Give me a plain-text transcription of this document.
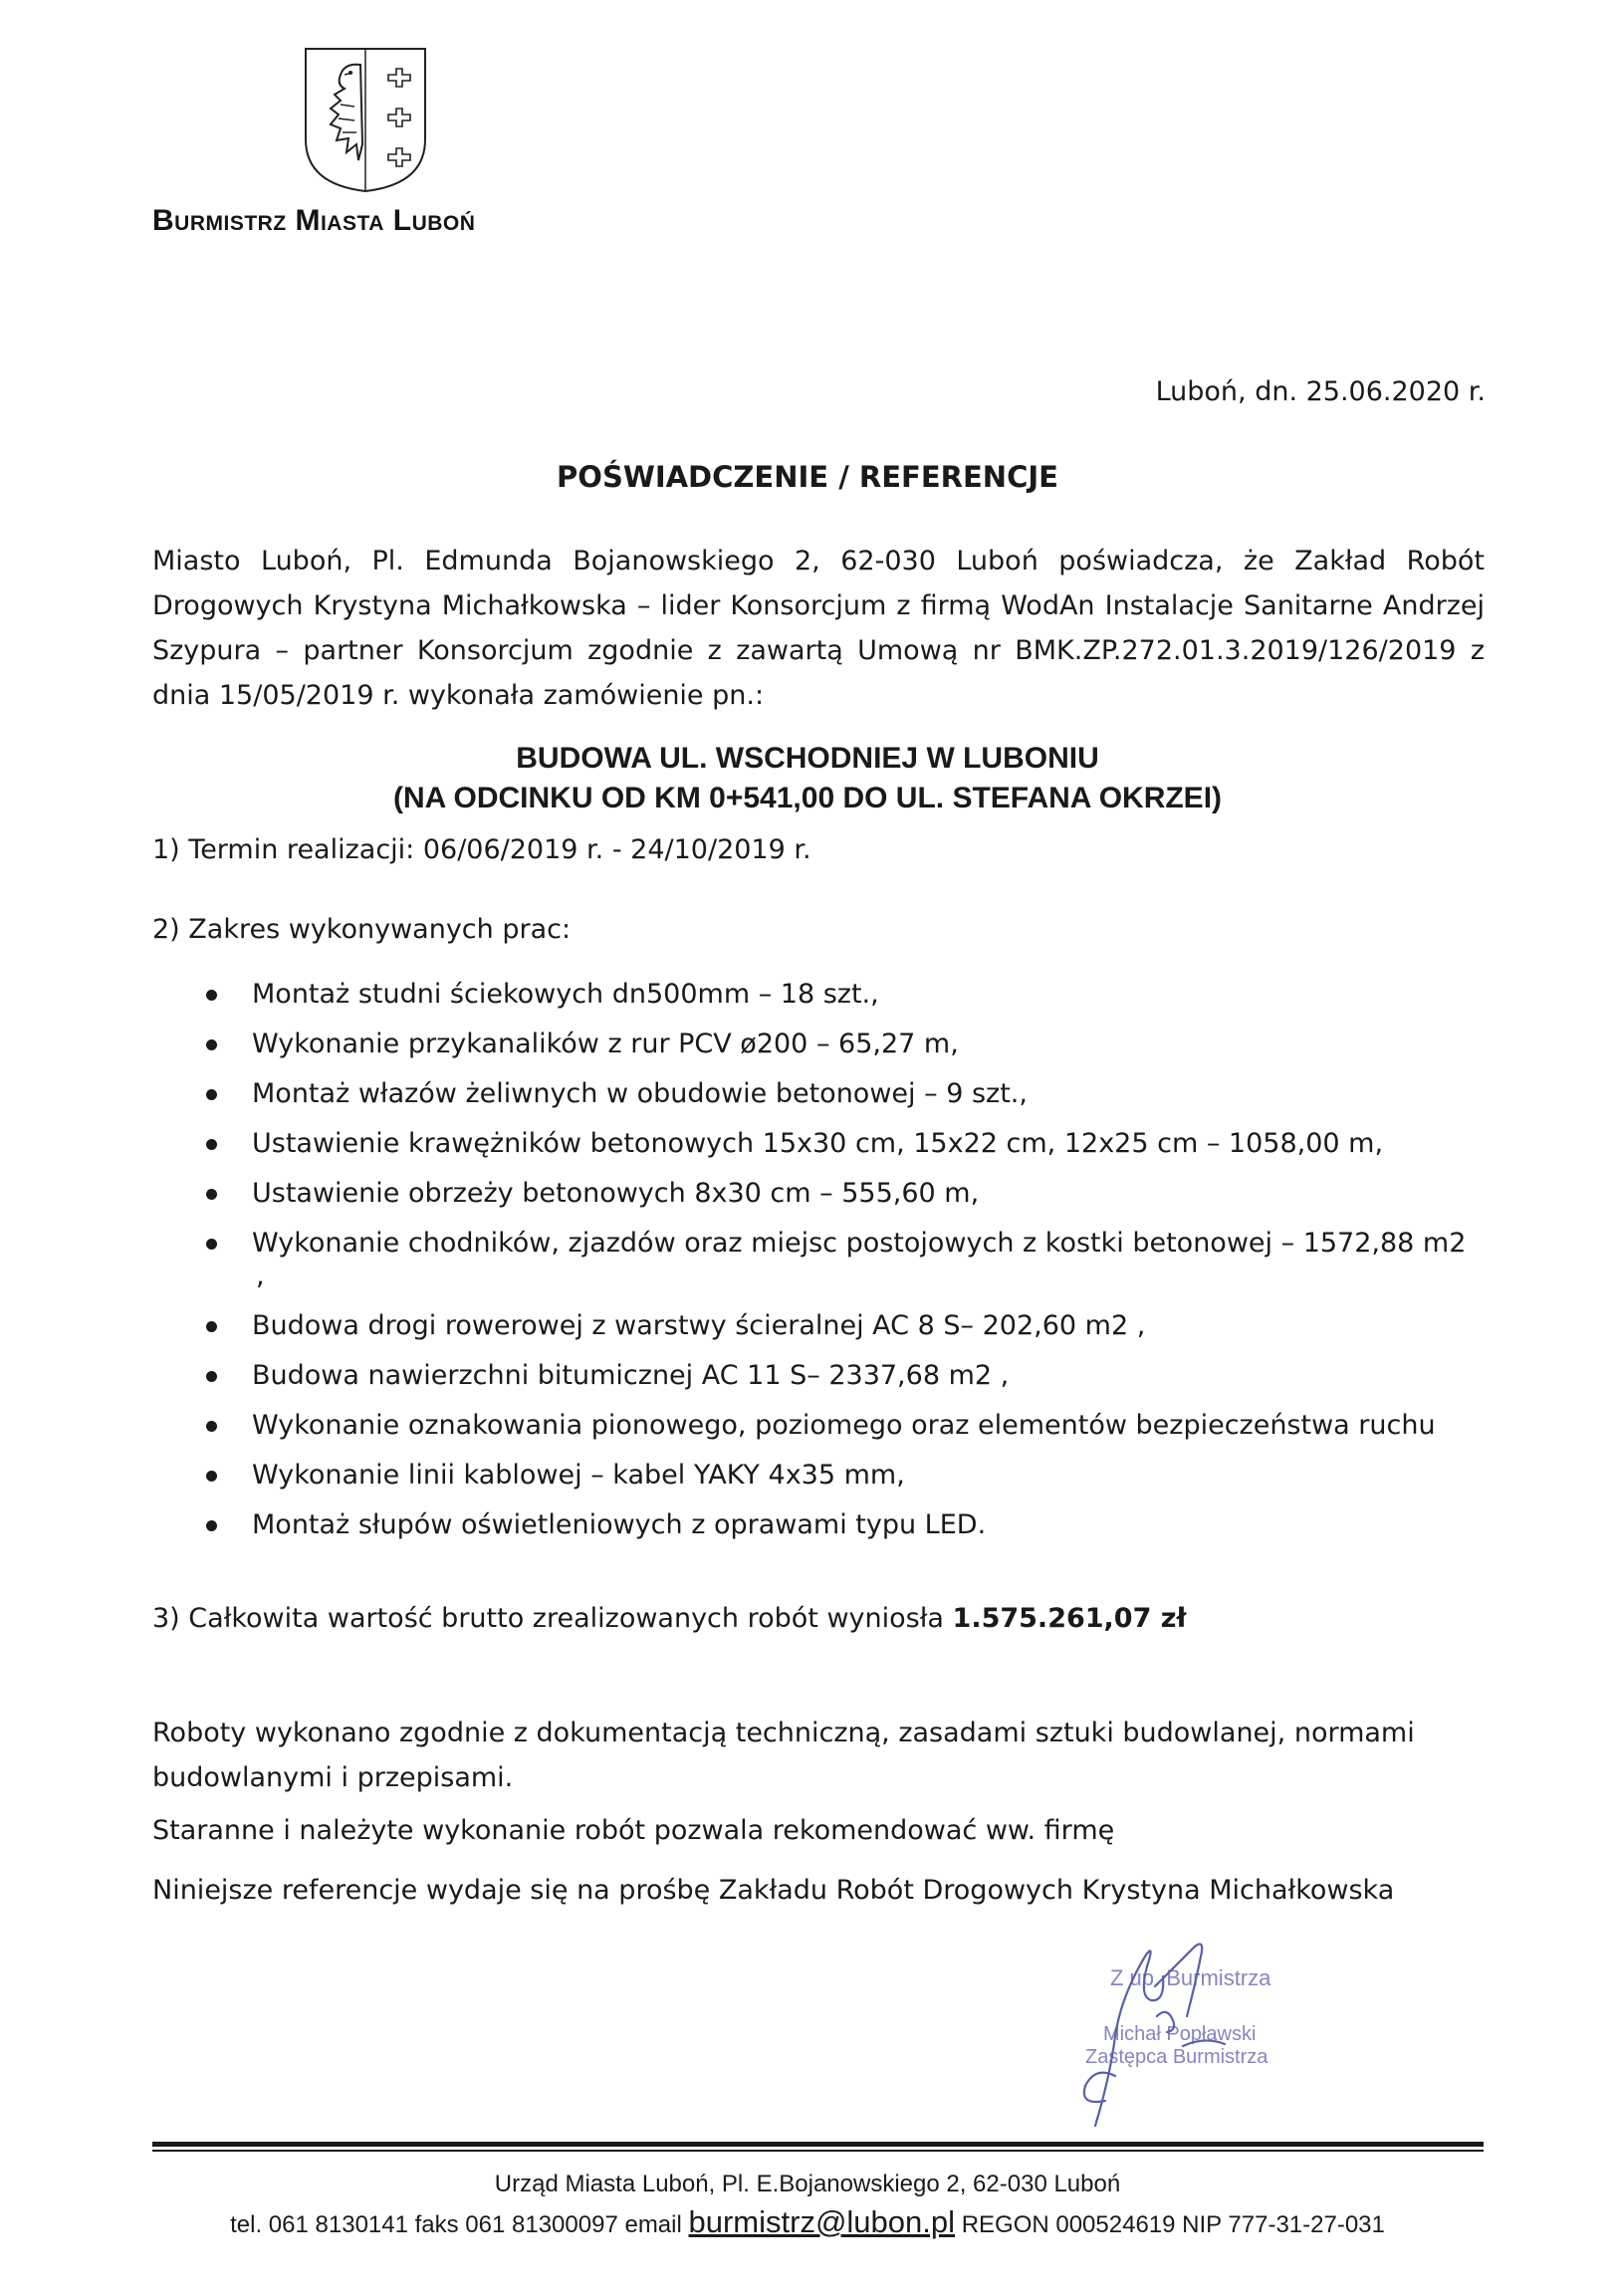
Burmistrz Miasta Luboń
Luboń, dn. 25.06.2020 r.
POŚWIADCZENIE / REFERENCJE
Miasto Luboń, Pl. Edmunda Bojanowskiego 2, 62-030 Luboń poświadcza, że Zakład Robót Drogowych Krystyna Michałkowska – lider Konsorcjum z firmą WodAn Instalacje Sanitarne Andrzej Szypura – partner Konsorcjum zgodnie z zawartą Umową nr BMK.ZP.272.01.3.2019/126/2019 z dnia 15/05/2019 r. wykonała zamówienie pn.:
BUDOWA UL. WSCHODNIEJ W LUBONIU
(NA ODCINKU OD KM 0+541,00 DO UL. STEFANA OKRZEI)
1) Termin realizacji: 06/06/2019 r. - 24/10/2019 r.
2) Zakres wykonywanych prac:
Montaż studni ściekowych dn500mm – 18 szt.,
Wykonanie przykanalików z rur PCV ø200 – 65,27 m,
Montaż włazów żeliwnych w obudowie betonowej – 9 szt.,
Ustawienie krawężników betonowych 15x30 cm, 15x22 cm, 12x25 cm – 1058,00 m,
Ustawienie obrzeży betonowych 8x30 cm – 555,60 m,
Wykonanie chodników, zjazdów oraz miejsc postojowych z kostki betonowej – 1572,88 m2
,
Budowa drogi rowerowej z warstwy ścieralnej AC 8 S– 202,60 m2 ,
Budowa nawierzchni bitumicznej AC 11 S– 2337,68 m2 ,
Wykonanie oznakowania pionowego, poziomego oraz elementów bezpieczeństwa ruchu
Wykonanie linii kablowej – kabel YAKY 4x35 mm,
Montaż słupów oświetleniowych z oprawami typu LED.
3) Całkowita wartość brutto zrealizowanych robót wyniosła 1.575.261,07 zł
Roboty wykonano zgodnie z dokumentacją techniczną, zasadami sztuki budowlanej, normami budowlanymi i przepisami.
Staranne i należyte wykonanie robót pozwala rekomendować ww. firmę
Niniejsze referencje wydaje się na prośbę Zakładu Robót Drogowych Krystyna Michałkowska
Z up. Burmistrza
Michał Popławski
Zastępca Burmistrza
Urząd Miasta Luboń, Pl. E.Bojanowskiego 2, 62-030 Luboń
tel. 061 8130141 faks 061 81300097 email burmistrz@lubon.pl REGON 000524619 NIP 777-31-27-031
